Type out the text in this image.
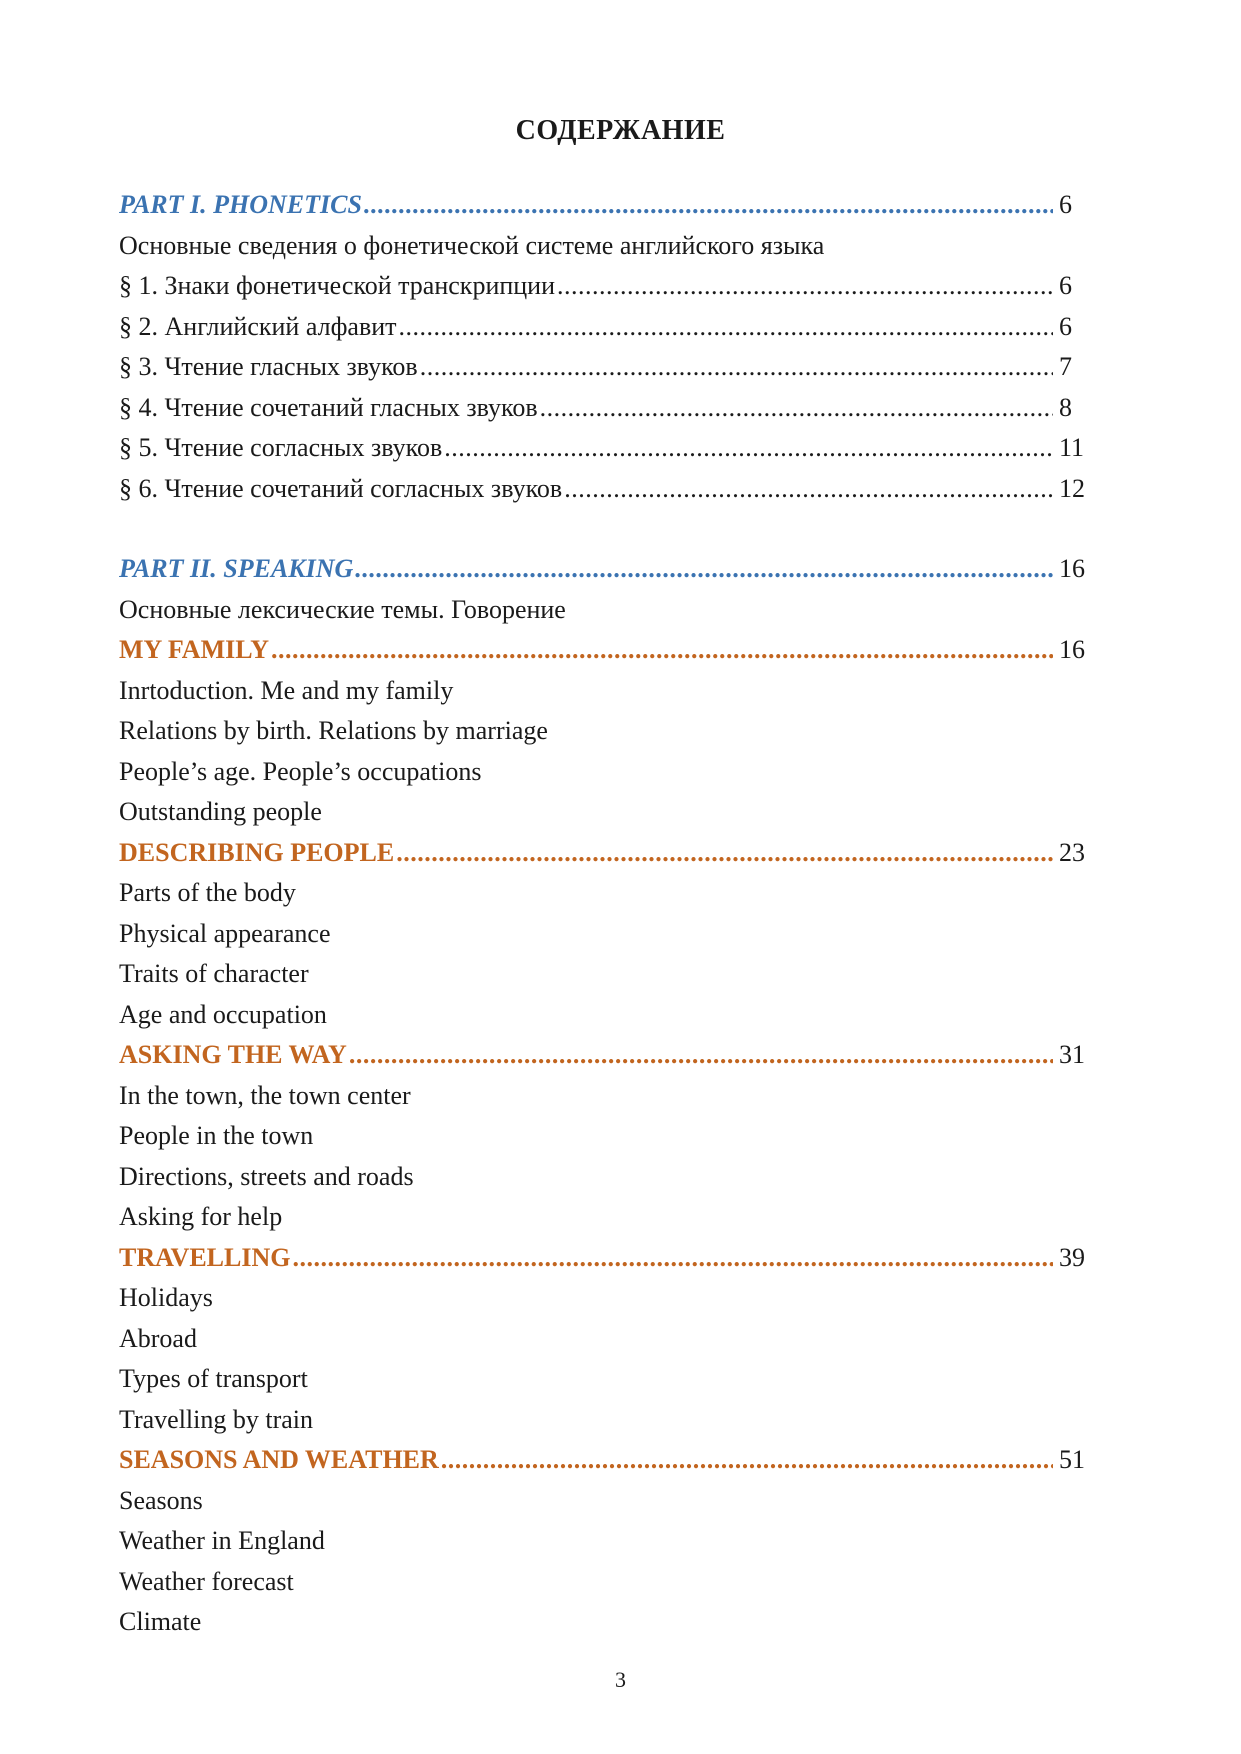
СОДЕРЖАНИЕ
PART I. PHONETICS .....	6
Основные сведения о фонетической системе английского языка
§ 1. Знаки фонетической транскрипции .....	6
§ 2. Английский алфавит .....	6
§ 3. Чтение гласных звуков .....	7
§ 4. Чтение сочетаний гласных звуков .....	8
§ 5. Чтение согласных звуков .....	11
§ 6. Чтение сочетаний согласных звуков .....	12
PART II. SPEAKING .....	16
Основные лексические темы. Говорение
MY FAMILY .....	16
Inrtoduction. Me and my family
Relations by birth. Relations by marriage
People’s age. People’s occupations
Outstanding people
DESCRIBING PEOPLE .....	23
Parts of the body
Physical appearance
Traits of character
Age and occupation
ASKING THE WAY .....	31
In the town, the town center
People in the town
Directions, streets and roads
Asking for help
TRAVELLING .....	39
Holidays
Abroad
Types of transport
Travelling by train
SEASONS AND WEATHER .....	51
Seasons
Weather in England
Weather forecast
Climate
3
